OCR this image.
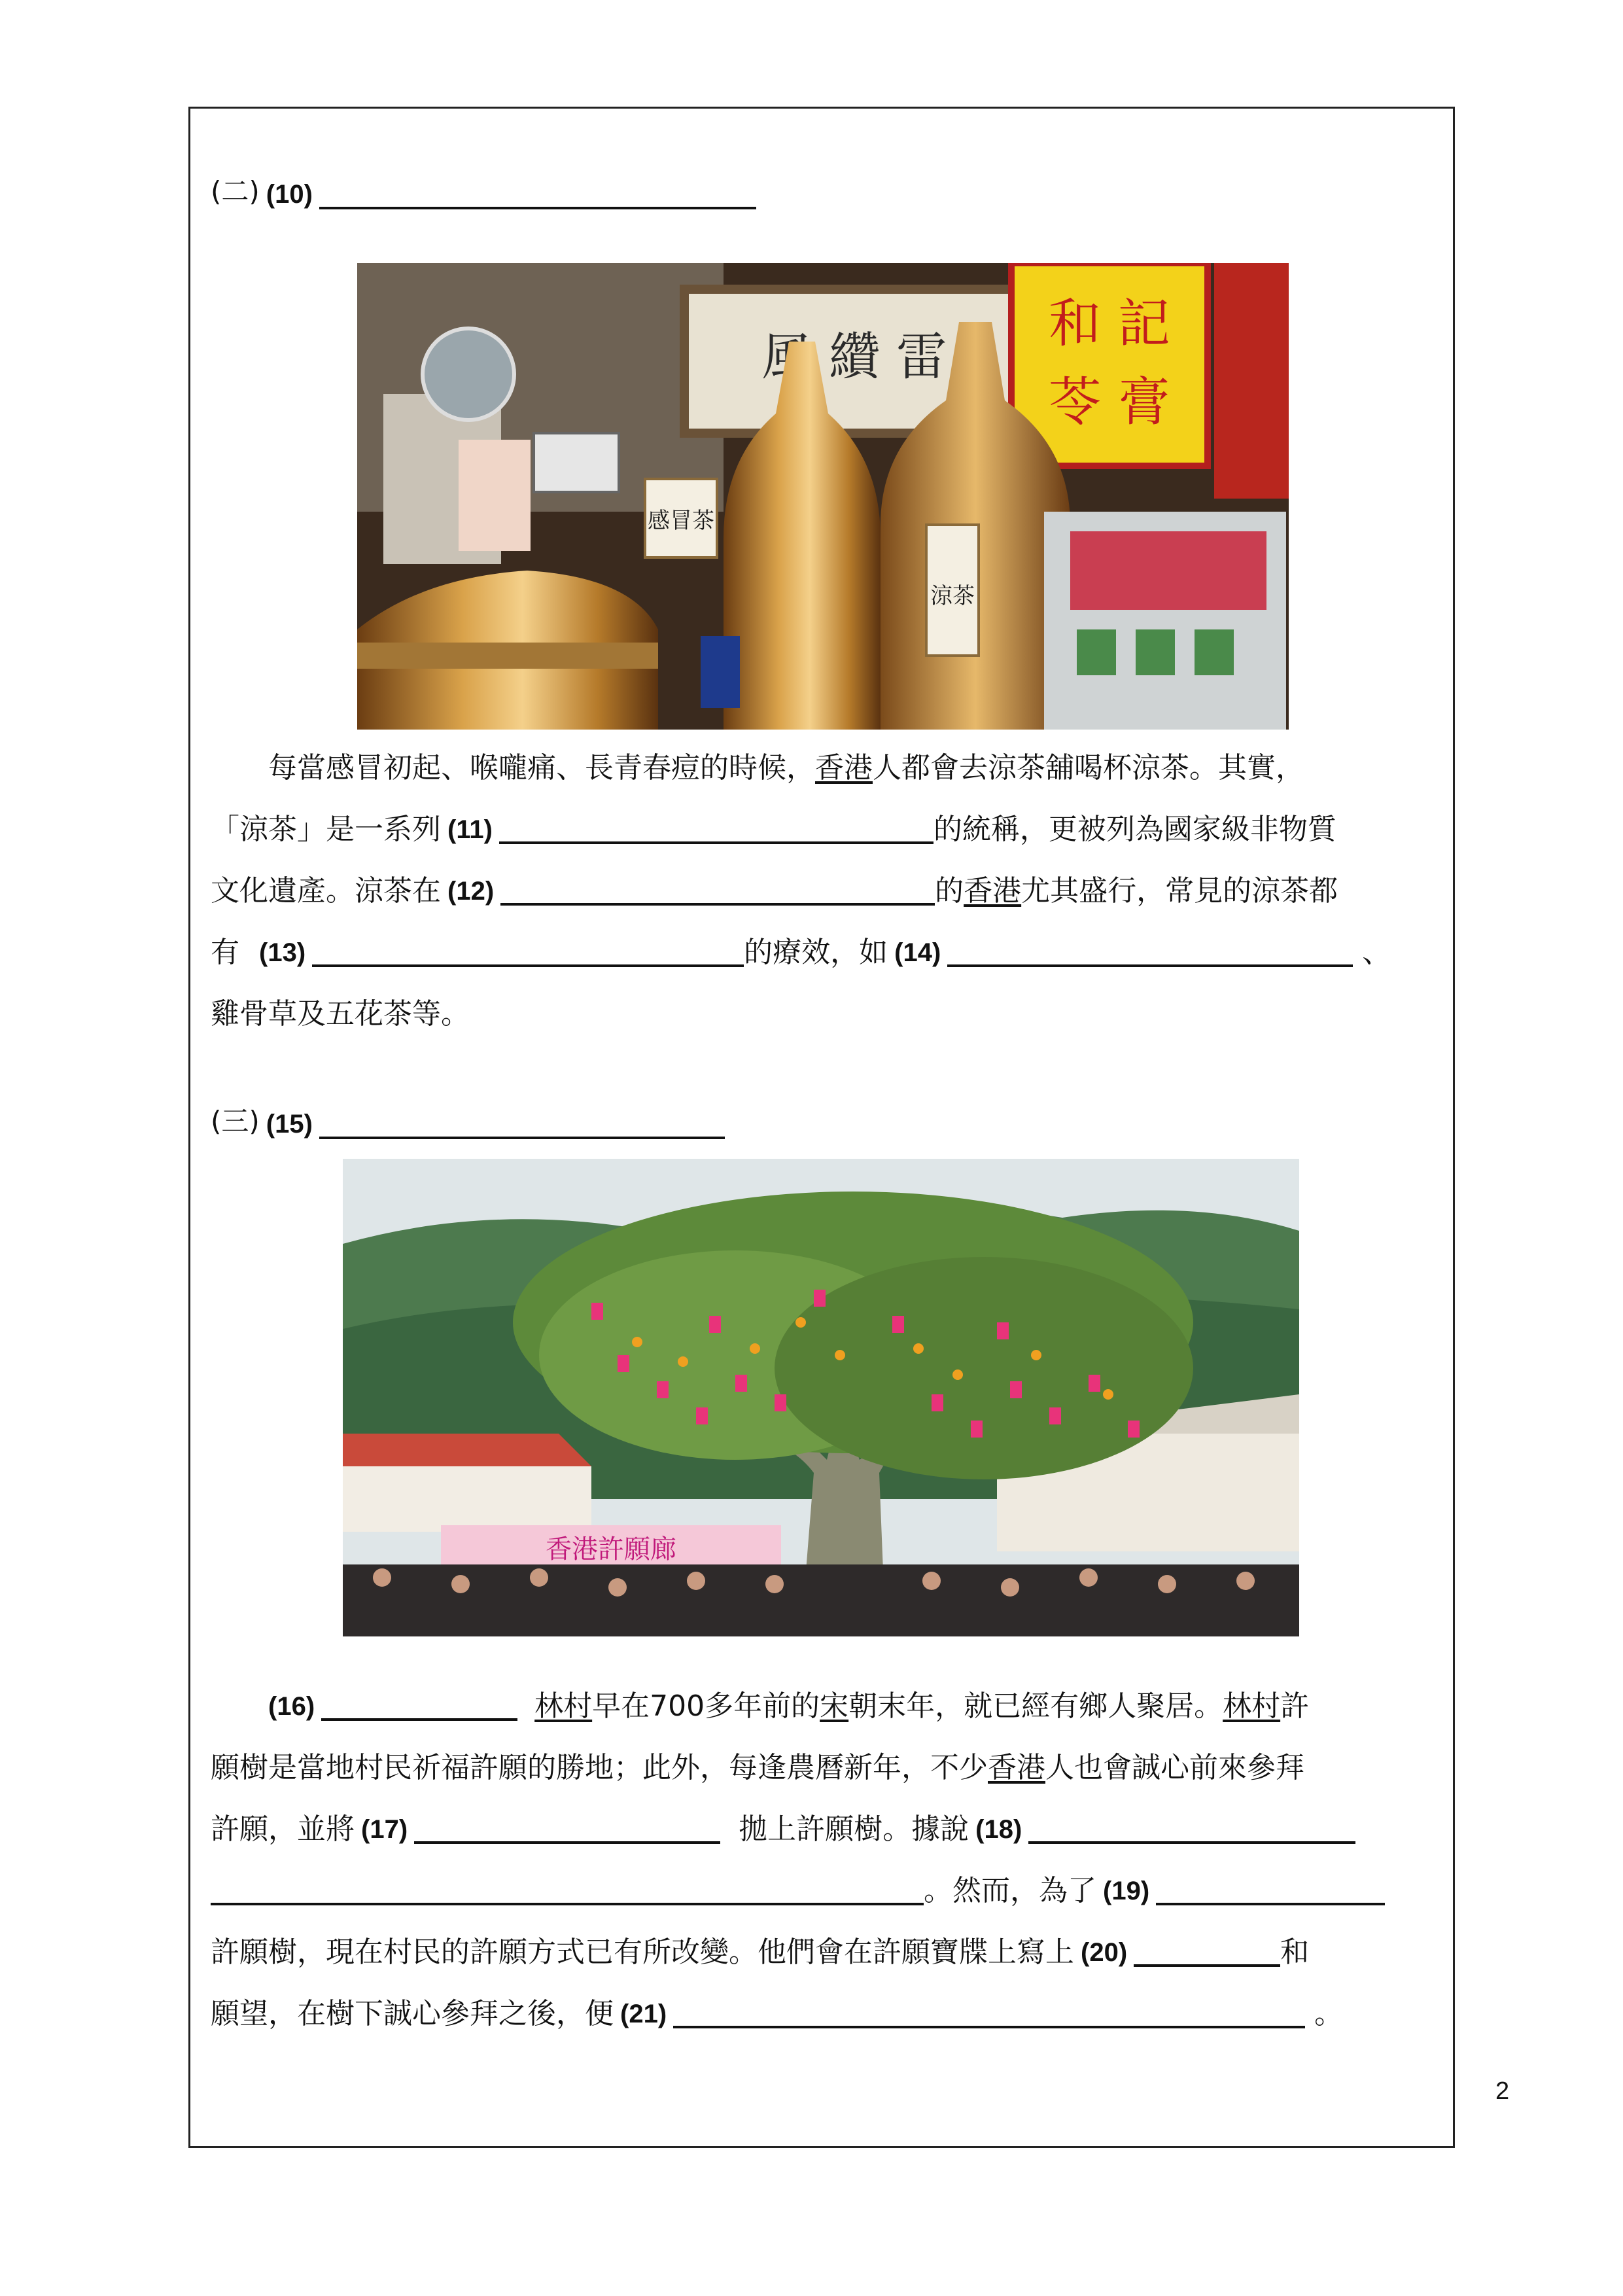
(二) (10)
風 纘 雷
和 記
苓 膏
感冒茶
涼茶
每當感冒初起、喉嚨痛、長青春痘的時候， 香港 人都會去涼茶舖喝杯涼茶。其實，
「涼茶」是一系列 (11)	的統稱，更被列為國家級非物質
文化遺產。涼茶在 (12)	的 香港 尤其盛行，常見的涼茶都
有 (13)	的療效，如 (14)	、
雞骨草及五花茶等。
(三) (15)
香港許願廊
(16)	林村 早在700多年前的 宋 朝末年，就已經有鄉人聚居。 林村 許
願樹是當地村民祈福許願的勝地；此外，每逢農曆新年，不少 香港 人也會誠心前來參拜
許願，並將 (17)	拋上許願樹。據說 (18)
。然而，為了 (19)
許願樹，現在村民的許願方式已有所改變。他們會在許願寶牒上寫上 (20)	和
願望，在樹下誠心參拜之後，便 (21)	。
2
